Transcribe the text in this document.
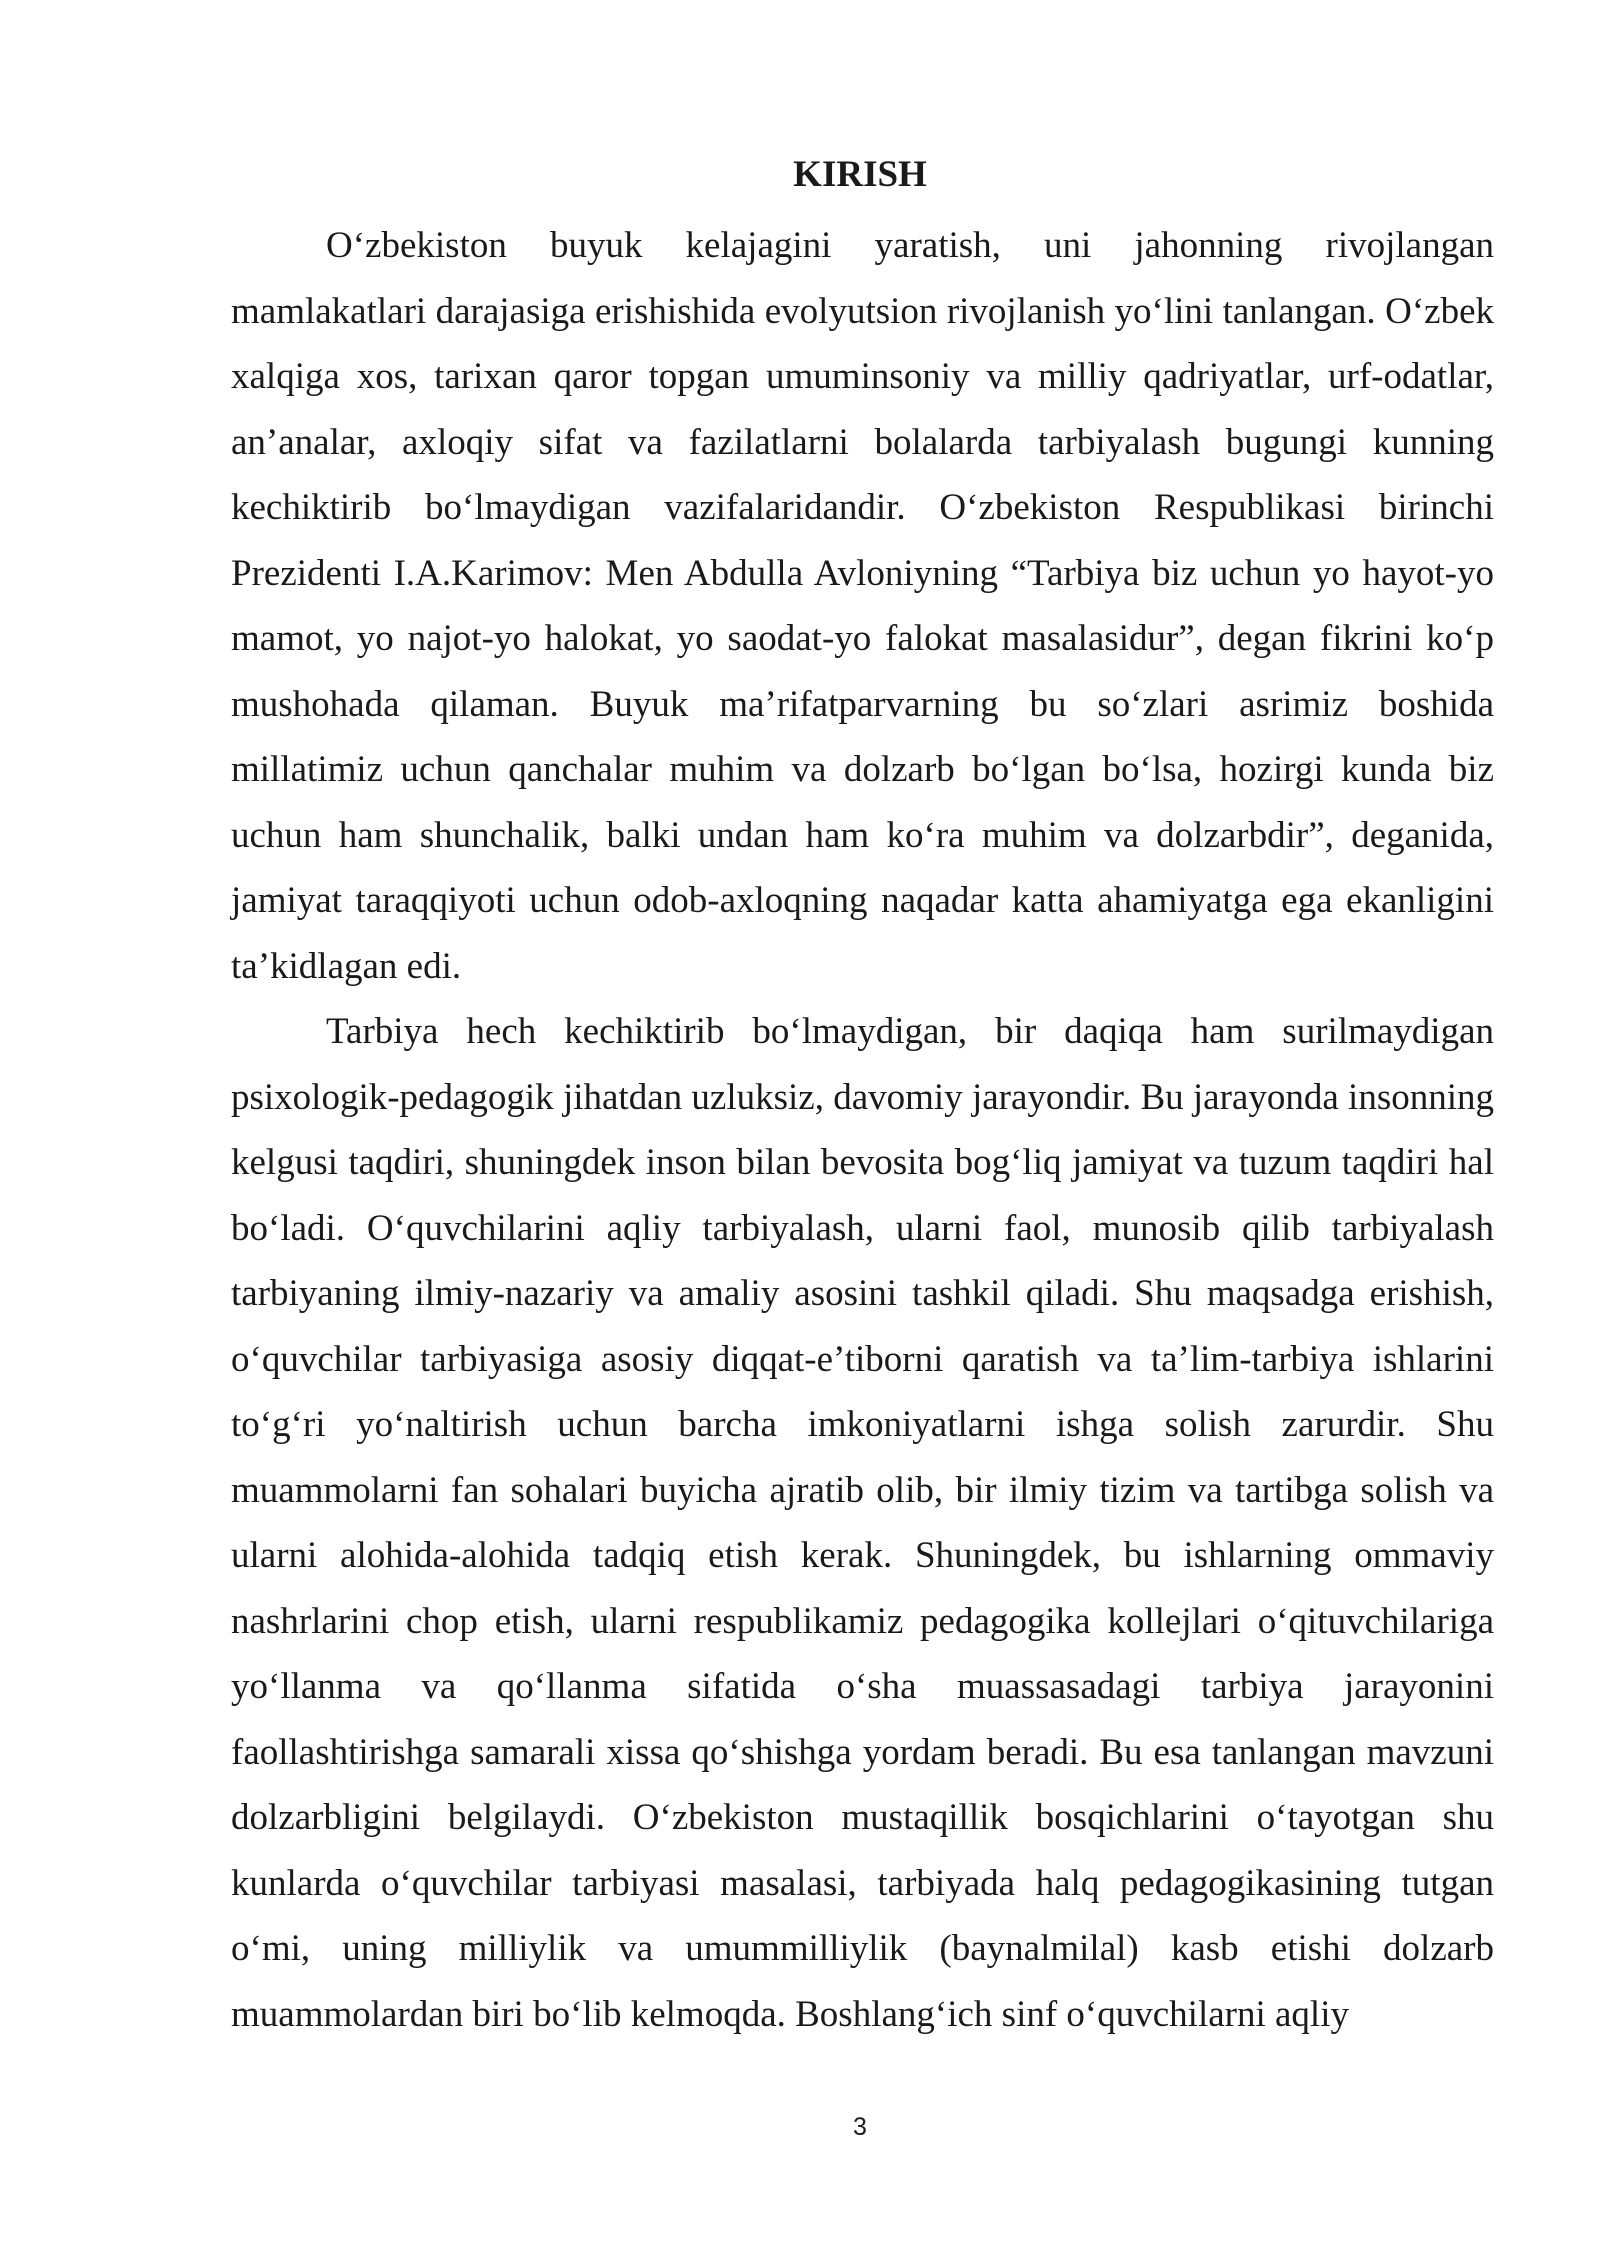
KIRISH

O‘zbekiston buyuk kelajagini yaratish, uni jahonning rivojlangan mamlakatlari darajasiga erishishida evolyutsion rivojlanish yo‘lini tanlangan. O‘zbek xalqiga xos, tarixan qaror topgan umuminsoniy va milliy qadriyatlar, urf-odatlar, an’analar, axloqiy sifat va fazilatlarni bolalarda tarbiyalash bugungi kunning kechiktirib bo‘lmaydigan vazifalaridandir. O‘zbekiston Respublikasi birinchi Prezidenti I.A.Karimov: Men Abdulla Avloniyning “Tarbiya biz uchun yo hayot-yo mamot, yo najot-yo halokat, yo saodat-yo falokat masalasidur”, degan fikrini ko‘p mushohada qilaman. Buyuk ma’rifatparvarning bu so‘zlari asrimiz boshida millatimiz uchun qanchalar muhim va dolzarb bo‘lgan bo‘lsa, hozirgi kunda biz uchun ham shunchalik, balki undan ham ko‘ra muhim va dolzarbdir”, deganida, jamiyat taraqqiyoti uchun odob-axloqning naqadar katta ahamiyatga ega ekanligini ta’kidlagan edi.

Tarbiya hech kechiktirib bo‘lmaydigan, bir daqiqa ham surilmaydigan psixologik-pedagogik jihatdan uzluksiz, davomiy jarayondir. Bu jarayonda insonning kelgusi taqdiri, shuningdek inson bilan bevosita bog‘liq jamiyat va tuzum taqdiri hal bo‘ladi. O‘quvchilarini aqliy tarbiyalash, ularni faol, munosib qilib tarbiyalash tarbiyaning ilmiy-nazariy va amaliy asosini tashkil qiladi. Shu maqsadga erishish, o‘quvchilar tarbiyasiga asosiy diqqat-e’tiborni qaratish va ta’lim-tarbiya ishlarini to‘g‘ri yo‘naltirish uchun barcha imkoniyatlarni ishga solish zarurdir. Shu muammolarni fan sohalari buyicha ajratib olib, bir ilmiy tizim va tartibga solish va ularni alohida-alohida tadqiq etish kerak. Shuningdek, bu ishlarning ommaviy nashrlarini chop etish, ularni respublikamiz pedagogika kollejlari o‘qituvchilariga yo‘llanma va qo‘llanma sifatida o‘sha muassasadagi tarbiya jarayonini faollashtirishga samarali xissa qo‘shishga yordam beradi. Bu esa tanlangan mavzuni dolzarbligini belgilaydi. O‘zbekiston mustaqillik bosqichlarini o‘tayotgan shu kunlarda o‘quvchilar tarbiyasi masalasi, tarbiyada halq pedagogikasining tutgan o‘mi, uning milliylik va umummilliylik (baynalmilal) kasb etishi dolzarb muammolardan biri bo‘lib kelmoqda. Boshlang‘ich sinf o‘quvchilarni aqliy

3
